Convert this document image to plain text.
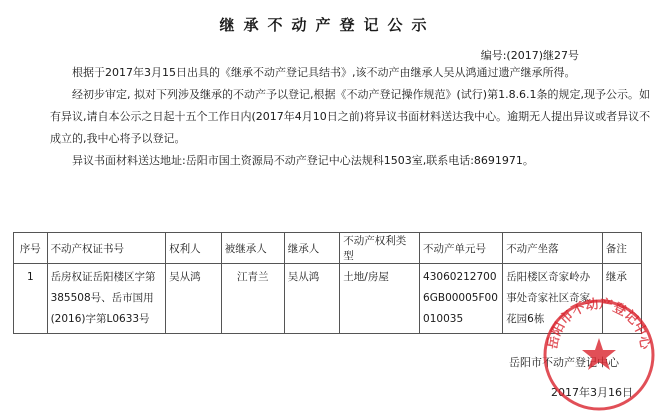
继承不动产登记公示
编号:(2017)继27号

根据于2017年3月15日出具的《继承不动产登记具结书》,该不动产由继承人吴从鸿通过遗产继承所得。

经初步审定, 拟对下列涉及继承的不动产予以登记,根据《不动产登记操作规范》(试行)第1.8.6.1条的规定,现予公示。如有异议,请自本公示之日起十五个工作日内(2017年4月10日之前)将异议书面材料送达我中心。逾期无人提出异议或者异议不成立的,我中心将予以登记。

异议书面材料送达地址:岳阳市国土资源局不动产登记中心法规科1503室,联系电话:8691971。

序号	不动产权证书号	权利人	被继承人	继承人	不动产权利类型	不动产单元号	不动产坐落	备注
1	岳房权证岳阳楼区字第385508号、岳市国用(2016)字第L0633号	吴从鸿	江青兰	吴从鸿	土地/房屋	430602127006GB00005F00010035	岳阳楼区奇家岭办事处奇家社区奇家花园6栋	继承
岳阳市不动产登记中心
2017年3月16日
岳阳市不动产登记中心
